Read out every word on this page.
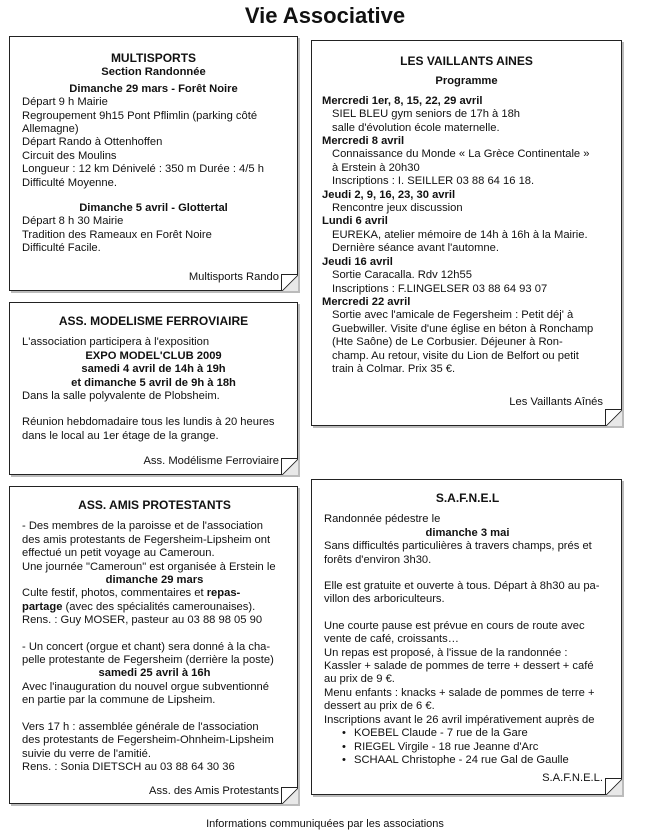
Vie Associative
MULTISPORTS
Section Randonnée
Dimanche 29 mars - Forêt Noire
Départ 9 h Mairie
Regroupement 9h15 Pont Pflimlin (parking côté
Allemagne)
Départ Rando à Ottenhoffen
Circuit des Moulins
Longueur : 12 km Dénivelé : 350 m Durée : 4/5 h
Difficulté Moyenne.
Dimanche 5 avril - Glottertal
Départ 8 h 30 Mairie
Tradition des Rameaux en Forêt Noire
Difficulté Facile.
Multisports Rando
ASS. MODELISME FERROVIAIRE
L'association participera à l'exposition
EXPO MODEL'CLUB 2009
samedi 4 avril de 14h à 19h
et dimanche 5 avril de 9h à 18h
Dans la salle polyvalente de Plobsheim.
Réunion hebdomadaire tous les lundis à 20 heures
dans le local au 1er étage de la grange.
Ass. Modélisme Ferroviaire
ASS. AMIS PROTESTANTS
- Des membres de la paroisse et de l'association
des amis protestants de Fegersheim-Lipsheim ont
effectué un petit voyage au Cameroun.
Une journée "Cameroun" est organisée à Erstein le
dimanche 29 mars
Culte festif, photos, commentaires et repas-
partage (avec des spécialités camerounaises).
Rens. : Guy MOSER, pasteur au 03 88 98 05 90
- Un concert (orgue et chant) sera donné à la cha-
pelle protestante de Fegersheim (derrière la poste)
samedi 25 avril à 16h
Avec l'inauguration du nouvel orgue subventionné
en partie par la commune de Lipsheim.
Vers 17 h : assemblée générale de l'association
des protestants de Fegersheim-Ohnheim-Lipsheim
suivie du verre de l'amitié.
Rens. : Sonia DIETSCH au 03 88 64 30 36
Ass. des Amis Protestants
LES VAILLANTS AINES
Programme
Mercredi 1er, 8, 15, 22, 29 avril
SIEL BLEU gym seniors de 17h à 18h
salle d'évolution école maternelle.
Mercredi 8 avril
Connaissance du Monde « La Grèce Continentale »
à Erstein à 20h30
Inscriptions : I. SEILLER 03 88 64 16 18.
Jeudi 2, 9, 16, 23, 30 avril
Rencontre jeux discussion
Lundi 6 avril
EUREKA, atelier mémoire de 14h à 16h à la Mairie.
Dernière séance avant l'automne.
Jeudi 16 avril
Sortie Caracalla. Rdv 12h55
Inscriptions : F.LINGELSER 03 88 64 93 07
Mercredi 22 avril
Sortie avec l'amicale de Fegersheim : Petit déj' à
Guebwiller. Visite d'une église en béton à Ronchamp
(Hte Saône) de Le Corbusier. Déjeuner à Ron-
champ. Au retour, visite du Lion de Belfort ou petit
train à Colmar. Prix 35 €.
Les Vaillants Aînés
S.A.F.N.E.L
Randonnée pédestre le
dimanche 3 mai
Sans difficultés particulières à travers champs, prés et
forêts d'environ 3h30.
Elle est gratuite et ouverte à tous. Départ à 8h30 au pa-
villon des arboriculteurs.
Une courte pause est prévue en cours de route avec
vente de café, croissants…
Un repas est proposé, à l'issue de la randonnée :
Kassler + salade de pommes de terre + dessert + café
au prix de 9 €.
Menu enfants : knacks + salade de pommes de terre +
dessert au prix de 6 €.
Inscriptions avant le 26 avril impérativement auprès de
• KOEBEL Claude - 7 rue de la Gare
• RIEGEL Virgile - 18 rue Jeanne d'Arc
• SCHAAL Christophe - 24 rue Gal de Gaulle
S.A.F.N.E.L.
Informations communiquées par les associations
